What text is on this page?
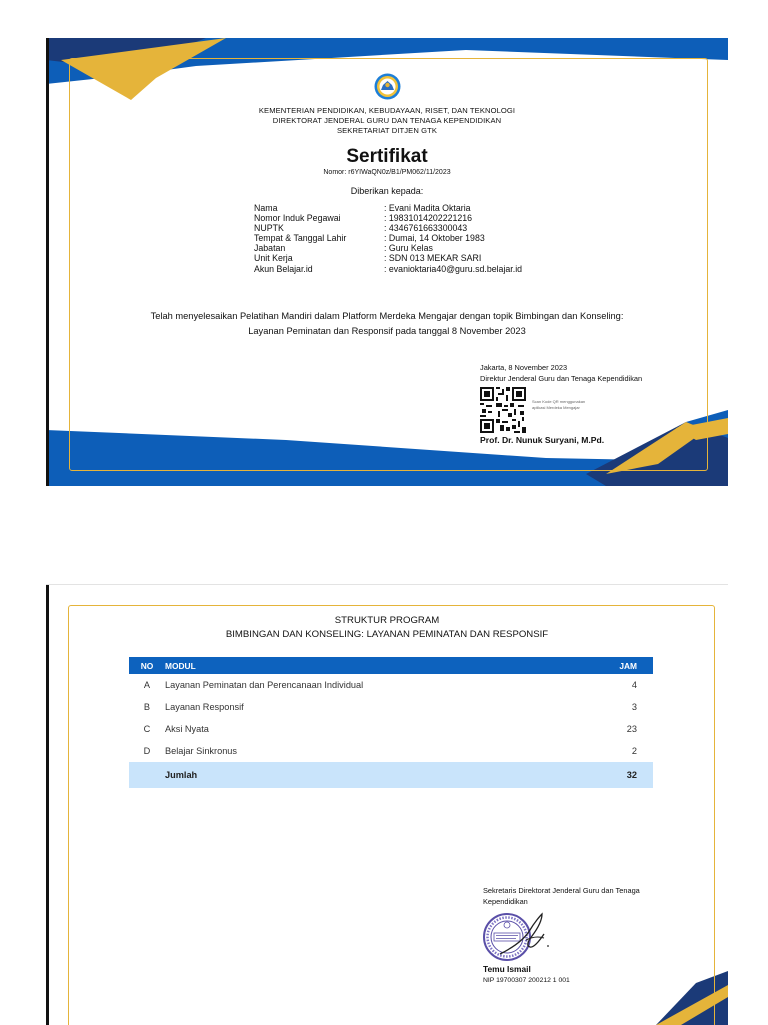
KEMENTERIAN PENDIDIKAN, KEBUDAYAAN, RISET, DAN TEKNOLOGI
DIREKTORAT JENDERAL GURU DAN TENAGA KEPENDIDIKAN
SEKRETARIAT DITJEN GTK
Sertifikat
Nomor: r6YIWaQN0z/B1/PM062/11/2023
Diberikan kepada:
Nama	: Evani Madita Oktaria
Nomor Induk Pegawai	: 19831014202221216
NUPTK	: 4346761663300043
Tempat & Tanggal Lahir	: Dumai, 14 Oktober 1983
Jabatan	: Guru Kelas
Unit Kerja	: SDN 013 MEKAR SARI
Akun Belajar.id	: evanioktaria40@guru.sd.belajar.id
Telah menyelesaikan Pelatihan Mandiri dalam Platform Merdeka Mengajar dengan topik Bimbingan dan Konseling:
Layanan Peminatan dan Responsif pada tanggal 8 November 2023
Jakarta, 8 November 2023
Direktur Jenderal Guru dan Tenaga Kependidikan
Scan Kode QR menggunakan
aplikasi Merdeka Mengajar
Prof. Dr. Nunuk Suryani, M.Pd.
STRUKTUR PROGRAM
BIMBINGAN DAN KONSELING: LAYANAN PEMINATAN DAN RESPONSIF
NO	MODUL	JAM
A	Layanan Peminatan dan Perencanaan Individual	4
B	Layanan Responsif	3
C	Aksi Nyata	23
D	Belajar Sinkronus	2
	Jumlah	32
Sekretaris Direktorat Jenderal Guru dan Tenaga Kependidikan
Temu Ismail
NIP 19700307 200212 1 001
